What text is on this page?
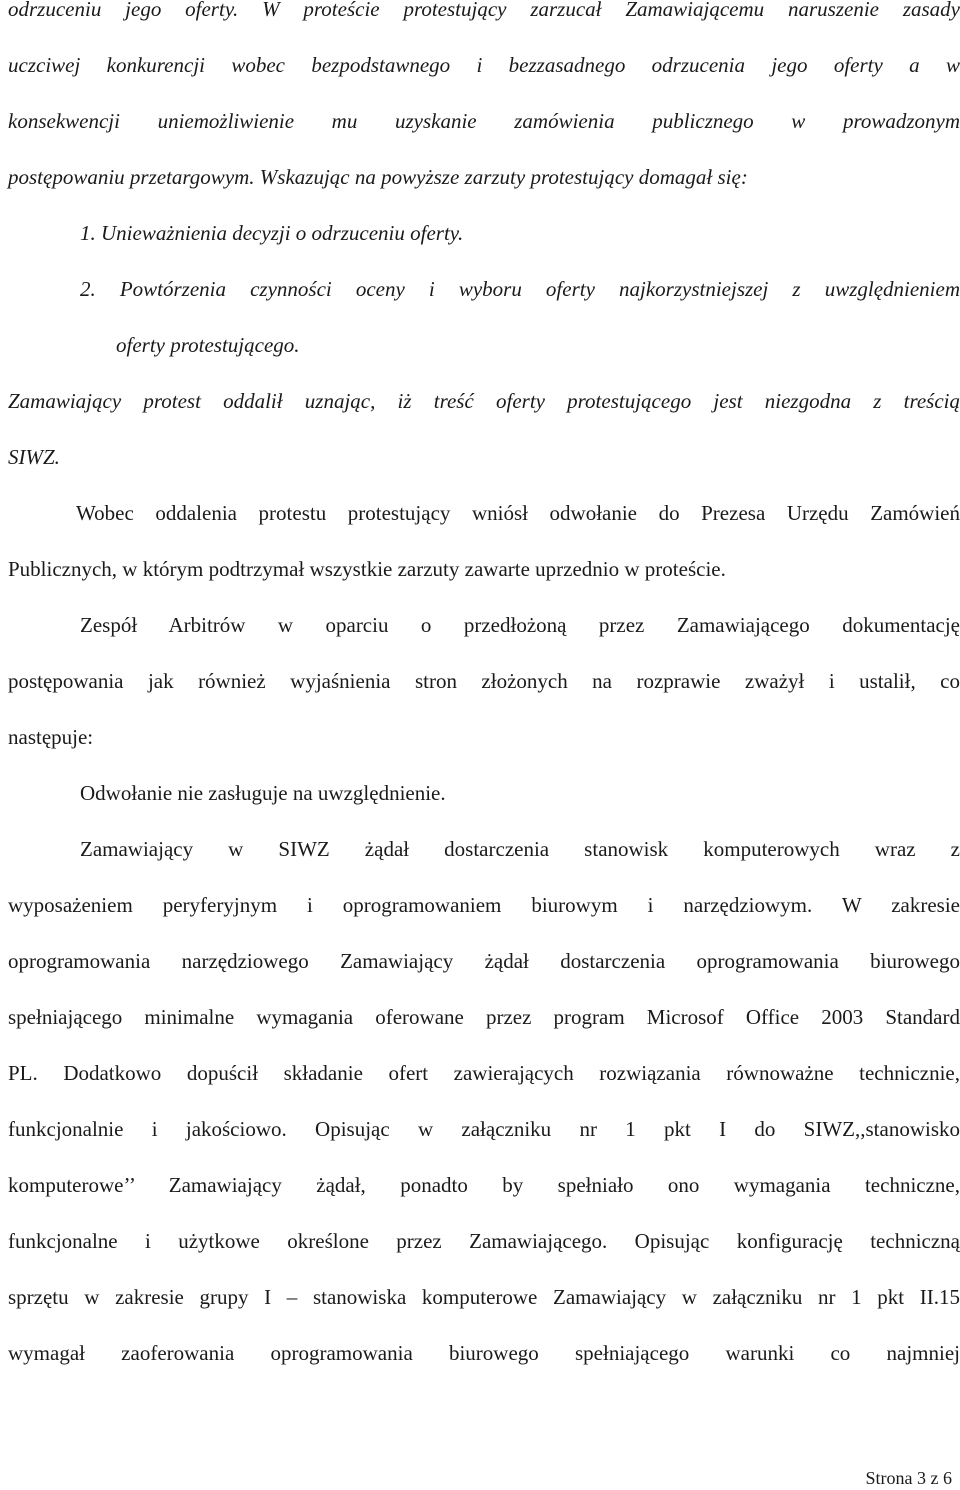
odrzuceniu jego oferty. W proteście protestujący zarzucał Zamawiającemu naruszenie zasady
uczciwej konkurencji wobec bezpodstawnego i bezzasadnego odrzucenia jego oferty a w
konsekwencji uniemożliwienie mu uzyskanie zamówienia publicznego w prowadzonym
postępowaniu przetargowym. Wskazując na powyższe zarzuty protestujący domagał się:
1. Unieważnienia decyzji o odrzuceniu oferty.
2. Powtórzenia czynności oceny i wyboru oferty najkorzystniejszej z uwzględnieniem
oferty protestującego.
Zamawiający protest oddalił uznając, iż treść oferty protestującego jest niezgodna z treścią
SIWZ.
Wobec oddalenia protestu protestujący wniósł odwołanie do Prezesa Urzędu Zamówień
Publicznych, w którym podtrzymał wszystkie zarzuty zawarte uprzednio w proteście.
Zespół Arbitrów w oparciu o przedłożoną przez Zamawiającego dokumentację
postępowania jak również wyjaśnienia stron złożonych na rozprawie zważył i ustalił, co
następuje:
Odwołanie nie zasługuje na uwzględnienie.
Zamawiający w SIWZ żądał dostarczenia stanowisk komputerowych wraz z
wyposażeniem peryferyjnym i oprogramowaniem biurowym i narzędziowym. W zakresie
oprogramowania narzędziowego Zamawiający żądał dostarczenia oprogramowania biurowego
spełniającego minimalne wymagania oferowane przez program Microsof Office 2003 Standard
PL. Dodatkowo dopuścił składanie ofert zawierających rozwiązania równoważne technicznie,
funkcjonalnie i jakościowo. Opisując w załączniku nr 1 pkt I do SIWZ,,stanowisko
komputerowe’’ Zamawiający żądał, ponadto by spełniało ono wymagania techniczne,
funkcjonalne i użytkowe określone przez Zamawiającego. Opisując konfigurację techniczną
sprzętu w zakresie grupy I – stanowiska komputerowe Zamawiający w załączniku nr 1 pkt II.15
wymagał zaoferowania oprogramowania biurowego spełniającego warunki co najmniej
Strona 3 z 6
